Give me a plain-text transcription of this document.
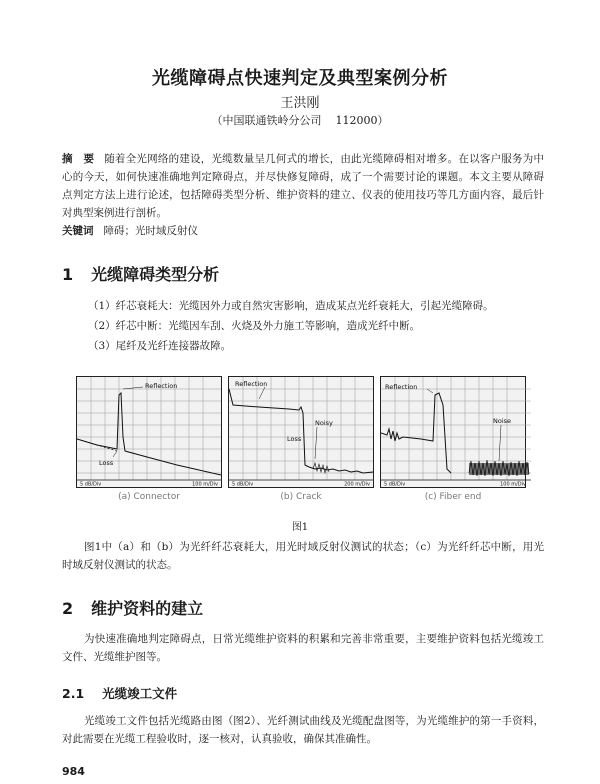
光缆障碍点快速判定及典型案例分析
王洪刚
（中国联通铁岭分公司 112000）
摘　要 随着全光网络的建设，光缆数量呈几何式的增长，由此光缆障碍相对增多。在以客户服务为中心的今天，如何快速准确地判定障碍点，并尽快修复障碍，成了一个需要讨论的课题。本文主要从障碍点判定方法上进行论述，包括障碍类型分析、维护资料的建立、仪表的使用技巧等几方面内容，最后针对典型案例进行剖析。
关键词 障碍；光时域反射仪
1 光缆障碍类型分析
（1）纤芯衰耗大：光缆因外力或自然灾害影响，造成某点光纤衰耗大，引起光缆障碍。
（2）纤芯中断：光缆因车刮、火烧及外力施工等影响，造成光纤中断。
（3）尾纤及光纤连接器故障。
Reflection
Loss
5 dB/Div	100 m/Div
Reflection
Noisy
Loss
5 dB/Div	200 m/Div
Reflection
Noise
5 dB/Div	100 m/Div
(a) Connector	(b) Crack	(c) Fiber end
图1
图1中（a）和（b）为光纤纤芯衰耗大，用光时域反射仪测试的状态；（c）为光纤纤芯中断，用光时域反射仪测试的状态。
2 维护资料的建立
为快速准确地判定障碍点，日常光缆维护资料的积累和完善非常重要，主要维护资料包括光缆竣工文件、光缆维护图等。
2.1 光缆竣工文件
光缆竣工文件包括光缆路由图（图2）、光纤测试曲线及光缆配盘图等，为光缆维护的第一手资料，对此需要在光缆工程验收时，逐一核对，认真验收，确保其准确性。
984
